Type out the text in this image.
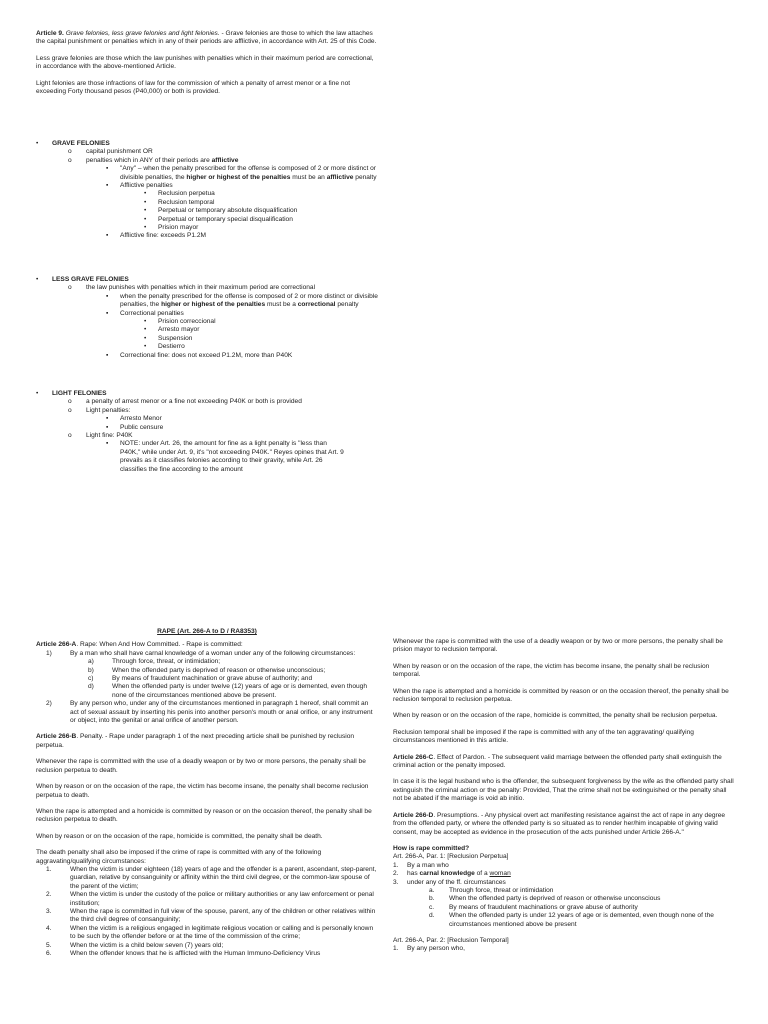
Article 9. Grave felonies, less grave felonies and light felonies. - Grave felonies are those to which the law attaches the capital punishment or penalties which in any of their periods are afflictive, in accordance with Art. 25 of this Code.

Less grave felonies are those which the law punishes with penalties which in their maximum period are correctional, in accordance with the above-mentioned Article.

Light felonies are those infractions of law for the commission of which a penalty of arrest menor or a fine not exceeding Forty thousand pesos (P40,000) or both is provided.

•	GRAVE FELONIES
o	capital punishment OR
o	penalties which in ANY of their periods are afflictive
▪	"Any" – when the penalty prescribed for the offense is composed of 2 or more distinct or divisible penalties, the higher or highest of the penalties must be an afflictive penalty
▪	Afflictive penalties
•	Reclusion perpetua
•	Reclusion temporal
•	Perpetual or temporary absolute disqualification
•	Perpetual or temporary special disqualification
•	Prision mayor
▪	Afflictive fine: exceeds P1.2M
•	LESS GRAVE FELONIES
o	the law punishes with penalties which in their maximum period are correctional
▪	when the penalty prescribed for the offense is composed of 2 or more distinct or divisible penalties, the higher or highest of the penalties must be a correctional penalty
▪	Correctional penalties
•	Prision correccional
•	Arresto mayor
•	Suspension
•	Destierro
▪	Correctional fine: does not exceed P1.2M, more than P40K
•	LIGHT FELONIES
o	a penalty of arrest menor or a fine not exceeding P40K or both is provided
o	Light penalties:
▪	Arresto Menor
▪	Public censure
o	Light fine: P40K
▪	NOTE: under Art. 26, the amount for fine as a light penalty is "less than P40K," while under Art. 9, it's "not exceeding P40K." Reyes opines that Art. 9 prevails as it classifies felonies according to their gravity, while Art. 26 classifies the fine according to the amount

RAPE (Art. 266-A to D / RA8353)

Article 266-A. Rape: When And How Committed. - Rape is committed:

1)	By a man who shall have carnal knowledge of a woman under any of the following circumstances:
a)	Through force, threat, or intimidation;
b)	When the offended party is deprived of reason or otherwise unconscious;
c)	By means of fraudulent machination or grave abuse of authority; and
d)	When the offended party is under twelve (12) years of age or is demented, even though none of the circumstances mentioned above be present.
2)	By any person who, under any of the circumstances mentioned in paragraph 1 hereof, shall commit an act of sexual assault by inserting his penis into another person's mouth or anal orifice, or any instrument or object, into the genital or anal orifice of another person.

Article 266-B. Penalty. - Rape under paragraph 1 of the next preceding article shall be punished by reclusion perpetua.

Whenever the rape is committed with the use of a deadly weapon or by two or more persons, the penalty shall be reclusion perpetua to death.

When by reason or on the occasion of the rape, the victim has become insane, the penalty shall become reclusion perpetua to death.

When the rape is attempted and a homicide is committed by reason or on the occasion thereof, the penalty shall be reclusion perpetua to death.

When by reason or on the occasion of the rape, homicide is committed, the penalty shall be death.

The death penalty shall also be imposed if the crime of rape is committed with any of the following aggravating/qualifying circumstances:

1.	When the victim is under eighteen (18) years of age and the offender is a parent, ascendant, step-parent, guardian, relative by consanguinity or affinity within the third civil degree, or the common-law spouse of the parent of the victim;
2.	When the victim is under the custody of the police or military authorities or any law enforcement or penal institution;
3.	When the rape is committed in full view of the spouse, parent, any of the children or other relatives within the third civil degree of consanguinity;
4.	When the victim is a religious engaged in legitimate religious vocation or calling and is personally known to be such by the offender before or at the time of the commission of the crime;
5.	When the victim is a child below seven (7) years old;
6.	When the offender knows that he is afflicted with the Human Immuno-Deficiency Virus

Whenever the rape is committed with the use of a deadly weapon or by two or more persons, the penalty shall be prision mayor to reclusion temporal.

When by reason or on the occasion of the rape, the victim has become insane, the penalty shall be reclusion temporal.

When the rape is attempted and a homicide is committed by reason or on the occasion thereof, the penalty shall be reclusion temporal to reclusion perpetua.

When by reason or on the occasion of the rape, homicide is committed, the penalty shall be reclusion perpetua.

Reclusion temporal shall be imposed if the rape is committed with any of the ten aggravating/ qualifying circumstances mentioned in this article.

Article 266-C. Effect of Pardon. - The subsequent valid marriage between the offended party shall extinguish the criminal action or the penalty imposed.

In case it is the legal husband who is the offender, the subsequent forgiveness by the wife as the offended party shall extinguish the criminal action or the penalty: Provided, That the crime shall not be extinguished or the penalty shall not be abated if the marriage is void ab initio.

Article 266-D. Presumptions. - Any physical overt act manifesting resistance against the act of rape in any degree from the offended party, or where the offended party is so situated as to render her/him incapable of giving valid consent, may be accepted as evidence in the prosecution of the acts punished under Article 266-A."

How is rape committed?

Art. 266-A, Par. 1: [Reclusion Perpetua]

1.	By a man who
2.	has carnal knowledge of a woman
3.	under any of the ff. circumstances
a.	Through force, threat or intimidation
b.	When the offended party is deprived of reason or otherwise unconscious
c.	By means of fraudulent machinations or grave abuse of authority
d.	When the offended party is under 12 years of age or is demented, even though none of the circumstances mentioned above be present

Art. 266-A, Par. 2: [Reclusion Temporal]

1.	By any person who,
